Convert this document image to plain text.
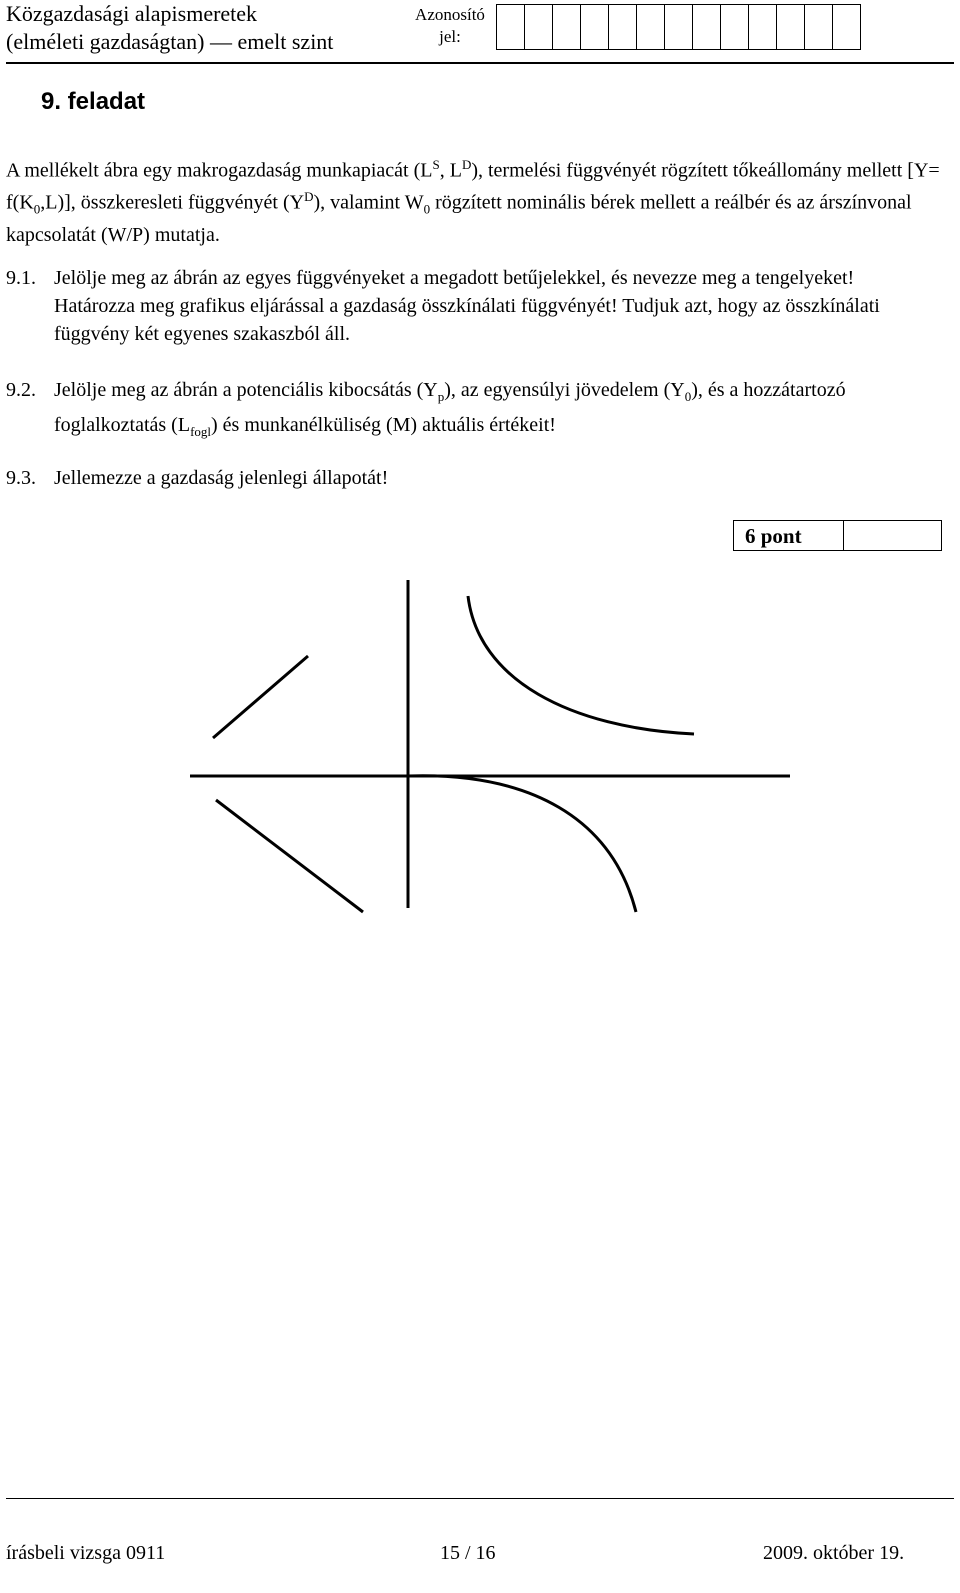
Közgazdasági alapismeretek
(elméleti gazdaságtan) — emelt szint
Azonosító
jel:
9. feladat
A mellékelt ábra egy makrogazdaság munkapiacát ($L^S$, $L^D$), termelési függvényét rögzített tőkeállomány mellett $[Y= f(K_0,L)]$, összkeresleti függvényét $(Y^D)$, valamint $W_0$ rögzített nominális bérek mellett a reálbér és az árszínvonal kapcsolatát (W/P) mutatja.
9.1. Jelölje meg az ábrán az egyes függvényeket a megadott betűjelekkel, és nevezze meg a tengelyeket! Határozza meg grafikus eljárással a gazdaság összkínálati függvényét! Tudjuk azt, hogy az összkínálati függvény két egyenes szakaszból áll.
9.2. Jelölje meg az ábrán a potenciális kibocsátás $(Y_p)$, az egyensúlyi jövedelem $(Y_0)$, és a hozzátartozó foglalkoztatás $(L_{fogl})$ és munkanélküliség (M) aktuális értékeit!
9.3. Jellemezze a gazdaság jelenlegi állapotát!
6 pont
írásbeli vizsga 0911	15 / 16	2009. október 19.
